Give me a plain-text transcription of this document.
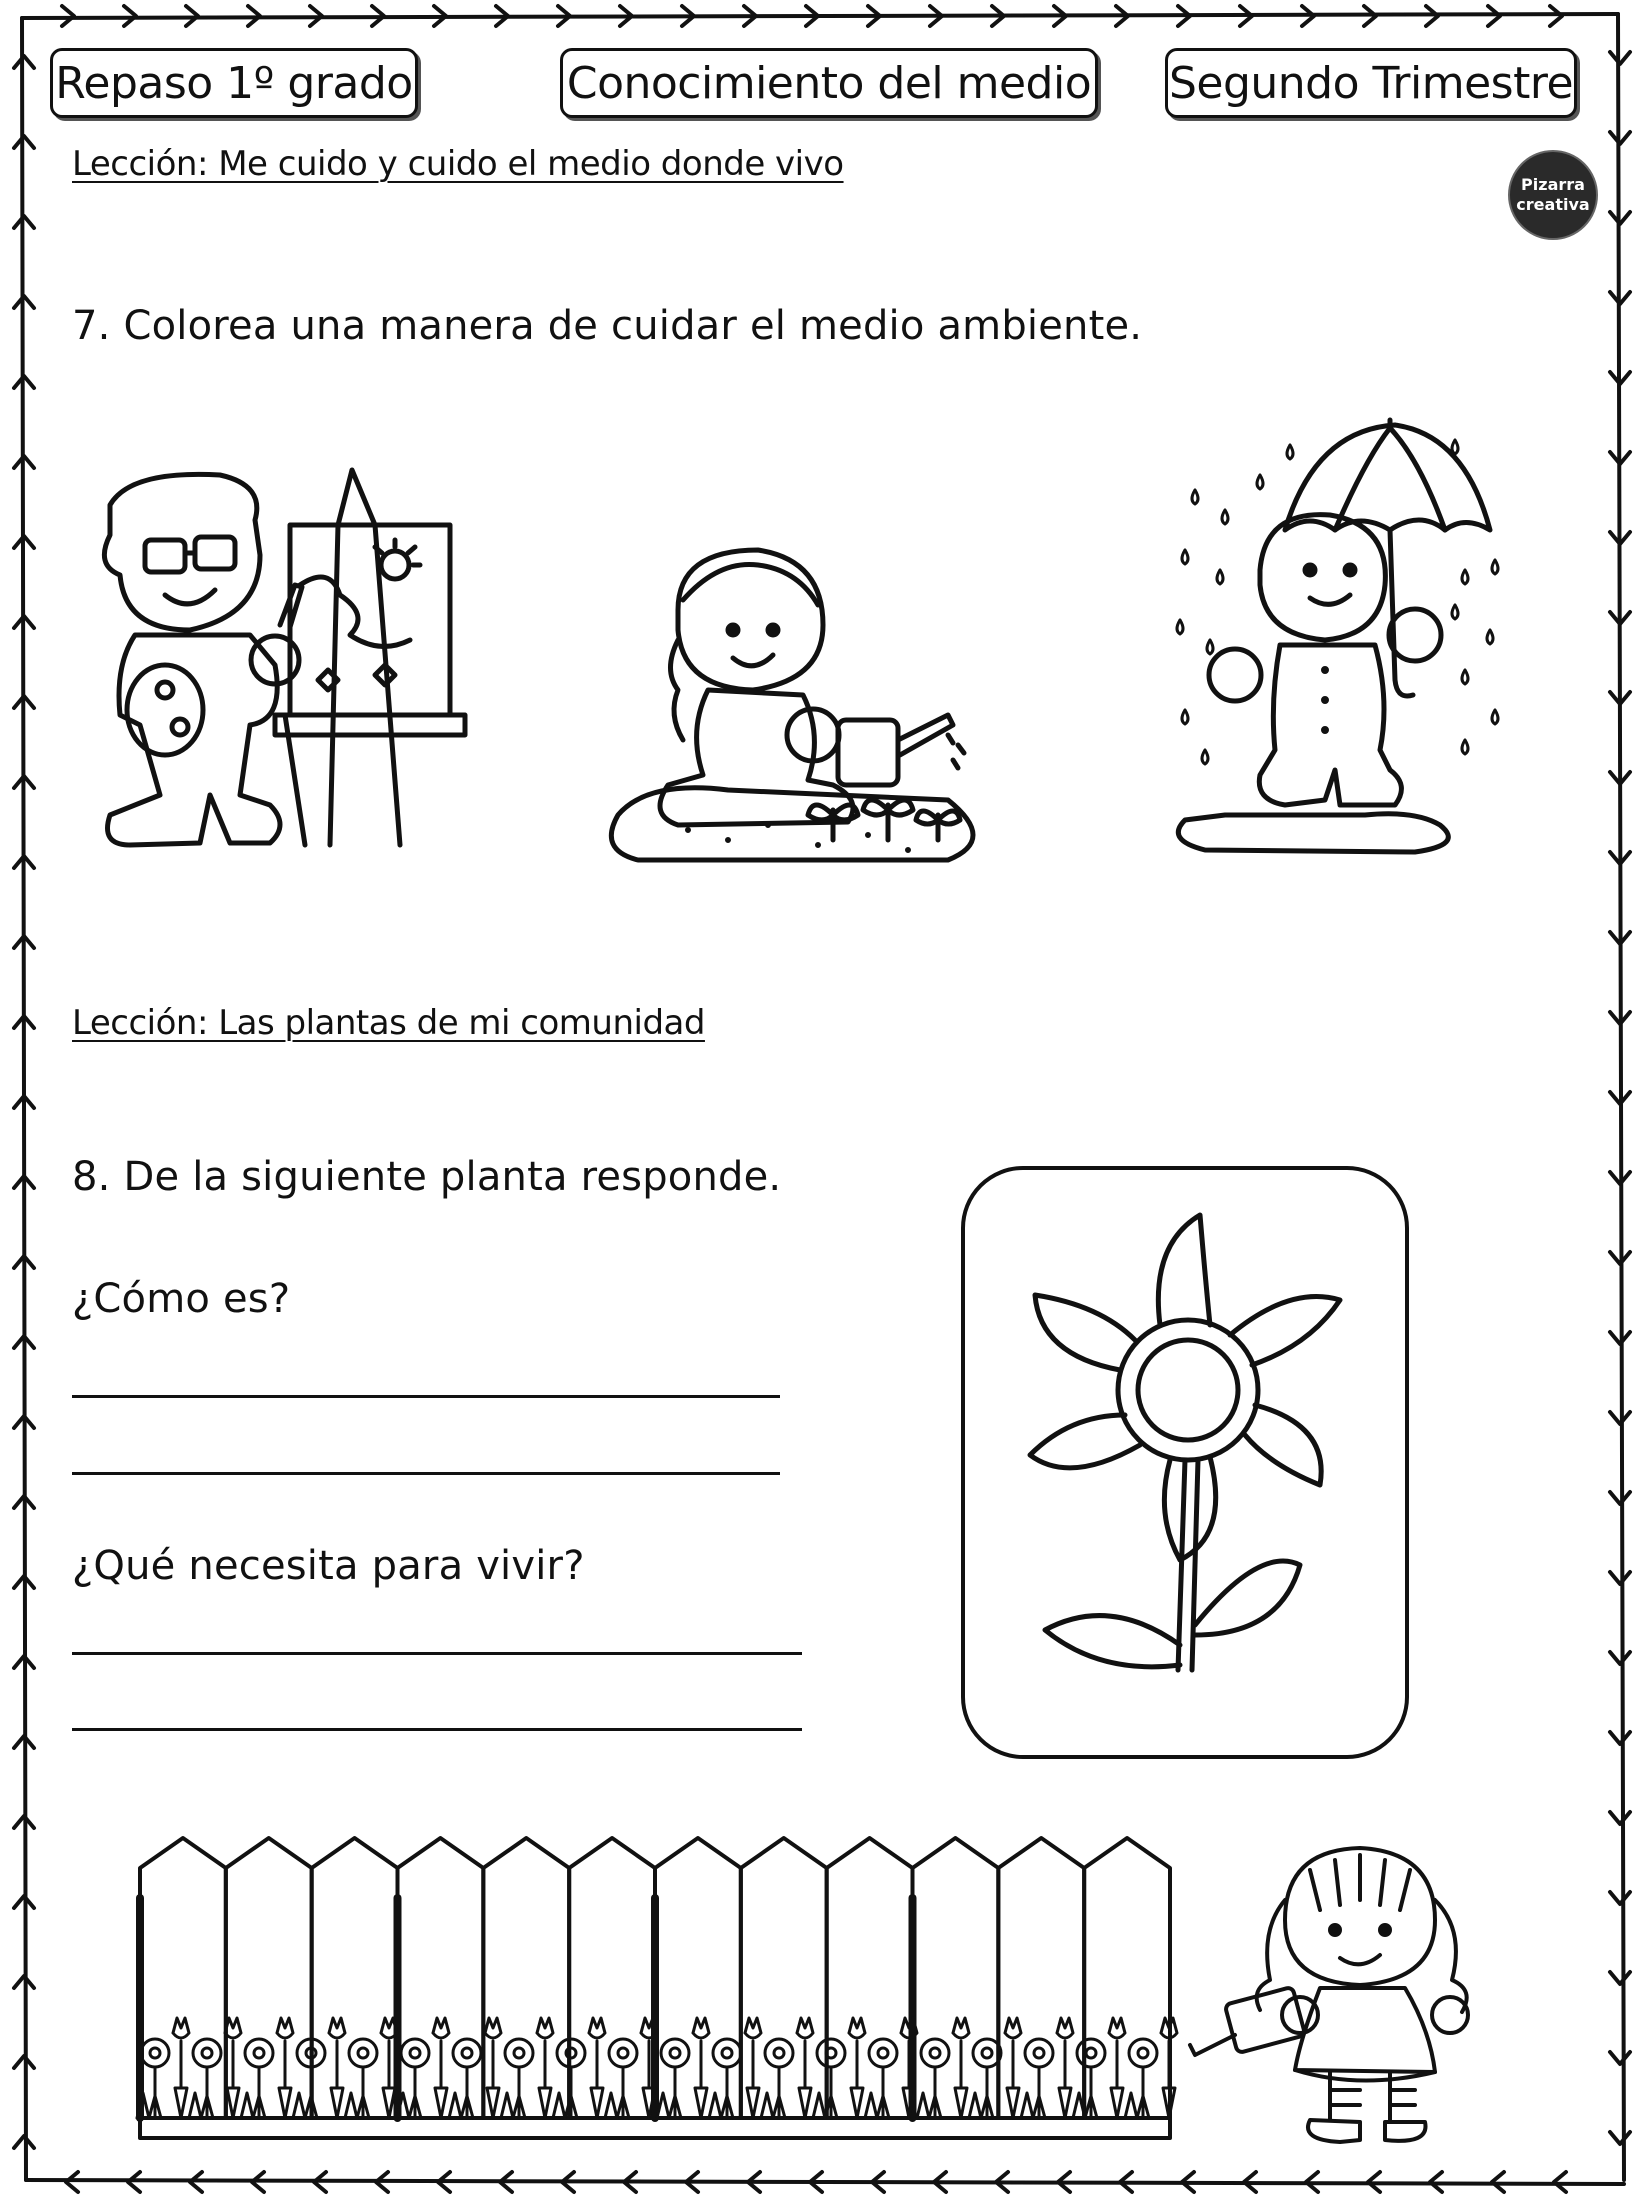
Repaso 1º grado	Conocimiento del medio Segundo Trimestre
Pizarra
creativa
Lección: Me cuido y cuido el medio donde vivo
7. Colorea una manera de cuidar el medio ambiente.
Lección: Las plantas de mi comunidad
8. De la siguiente planta responde.
¿Cómo es?
¿Qué necesita para vivir?
